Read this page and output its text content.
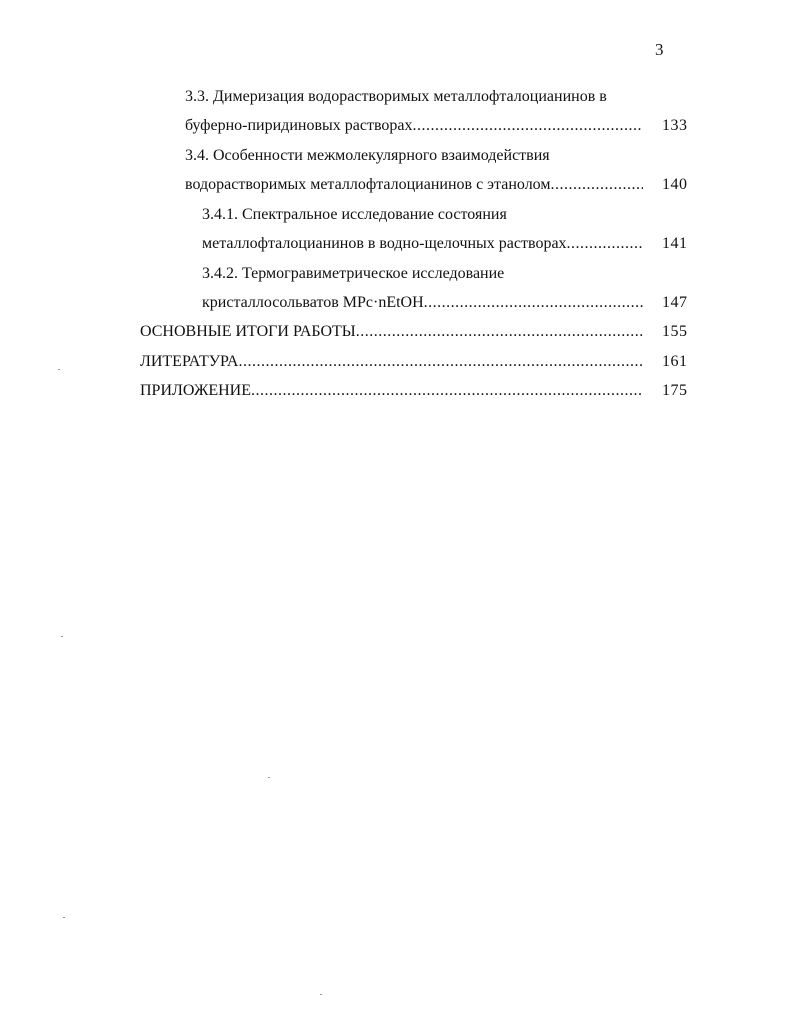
3
3.3. Димеризация водорастворимых металлофталоцианинов в
буферно-пиридиновых растворах .....	133
3.4. Особенности межмолекулярного взаимодействия
водорастворимых металлофталоцианинов с этанолом .....	140
3.4.1. Спектральное исследование состояния
металлофталоцианинов в водно-щелочных растворах .....	141
3.4.2. Термогравиметрическое исследование
кристаллосольватов MPc·nEtOH .....	147
ОСНОВНЫЕ ИТОГИ РАБОТЫ .....	155
ЛИТЕРАТУРА .....	161
ПРИЛОЖЕНИЕ .....	175
